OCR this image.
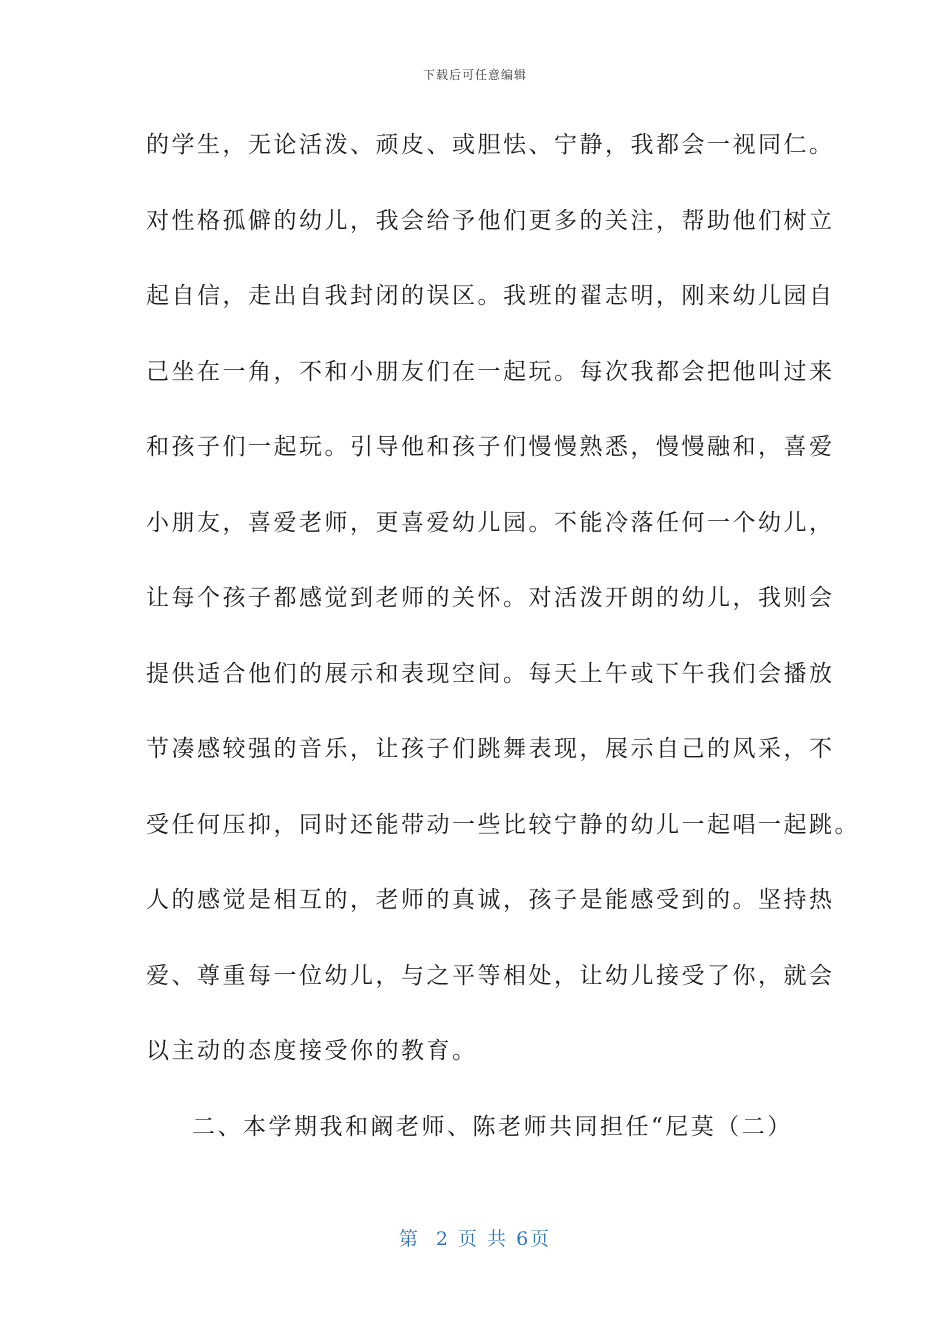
下载后可任意编辑
的学生，无论活泼、顽皮、或胆怯、宁静，我都会一视同仁。
对性格孤僻的幼儿，我会给予他们更多的关注，帮助他们树立
起自信，走出自我封闭的误区。我班的翟志明，刚来幼儿园自
己坐在一角，不和小朋友们在一起玩。每次我都会把他叫过来
和孩子们一起玩。引导他和孩子们慢慢熟悉，慢慢融和，喜爱
小朋友，喜爱老师，更喜爱幼儿园。不能冷落任何一个幼儿，
让每个孩子都感觉到老师的关怀。对活泼开朗的幼儿，我则会
提供适合他们的展示和表现空间。每天上午或下午我们会播放
节凑感较强的音乐，让孩子们跳舞表现，展示自己的风采，不
受任何压抑，同时还能带动一些比较宁静的幼儿一起唱一起跳。
人的感觉是相互的，老师的真诚，孩子是能感受到的。坚持热
爱、尊重每一位幼儿，与之平等相处，让幼儿接受了你，就会
以主动的态度接受你的教育。
二、本学期我和阚老师、陈老师共同担任“尼莫（二）
第  2 页 共 6页
